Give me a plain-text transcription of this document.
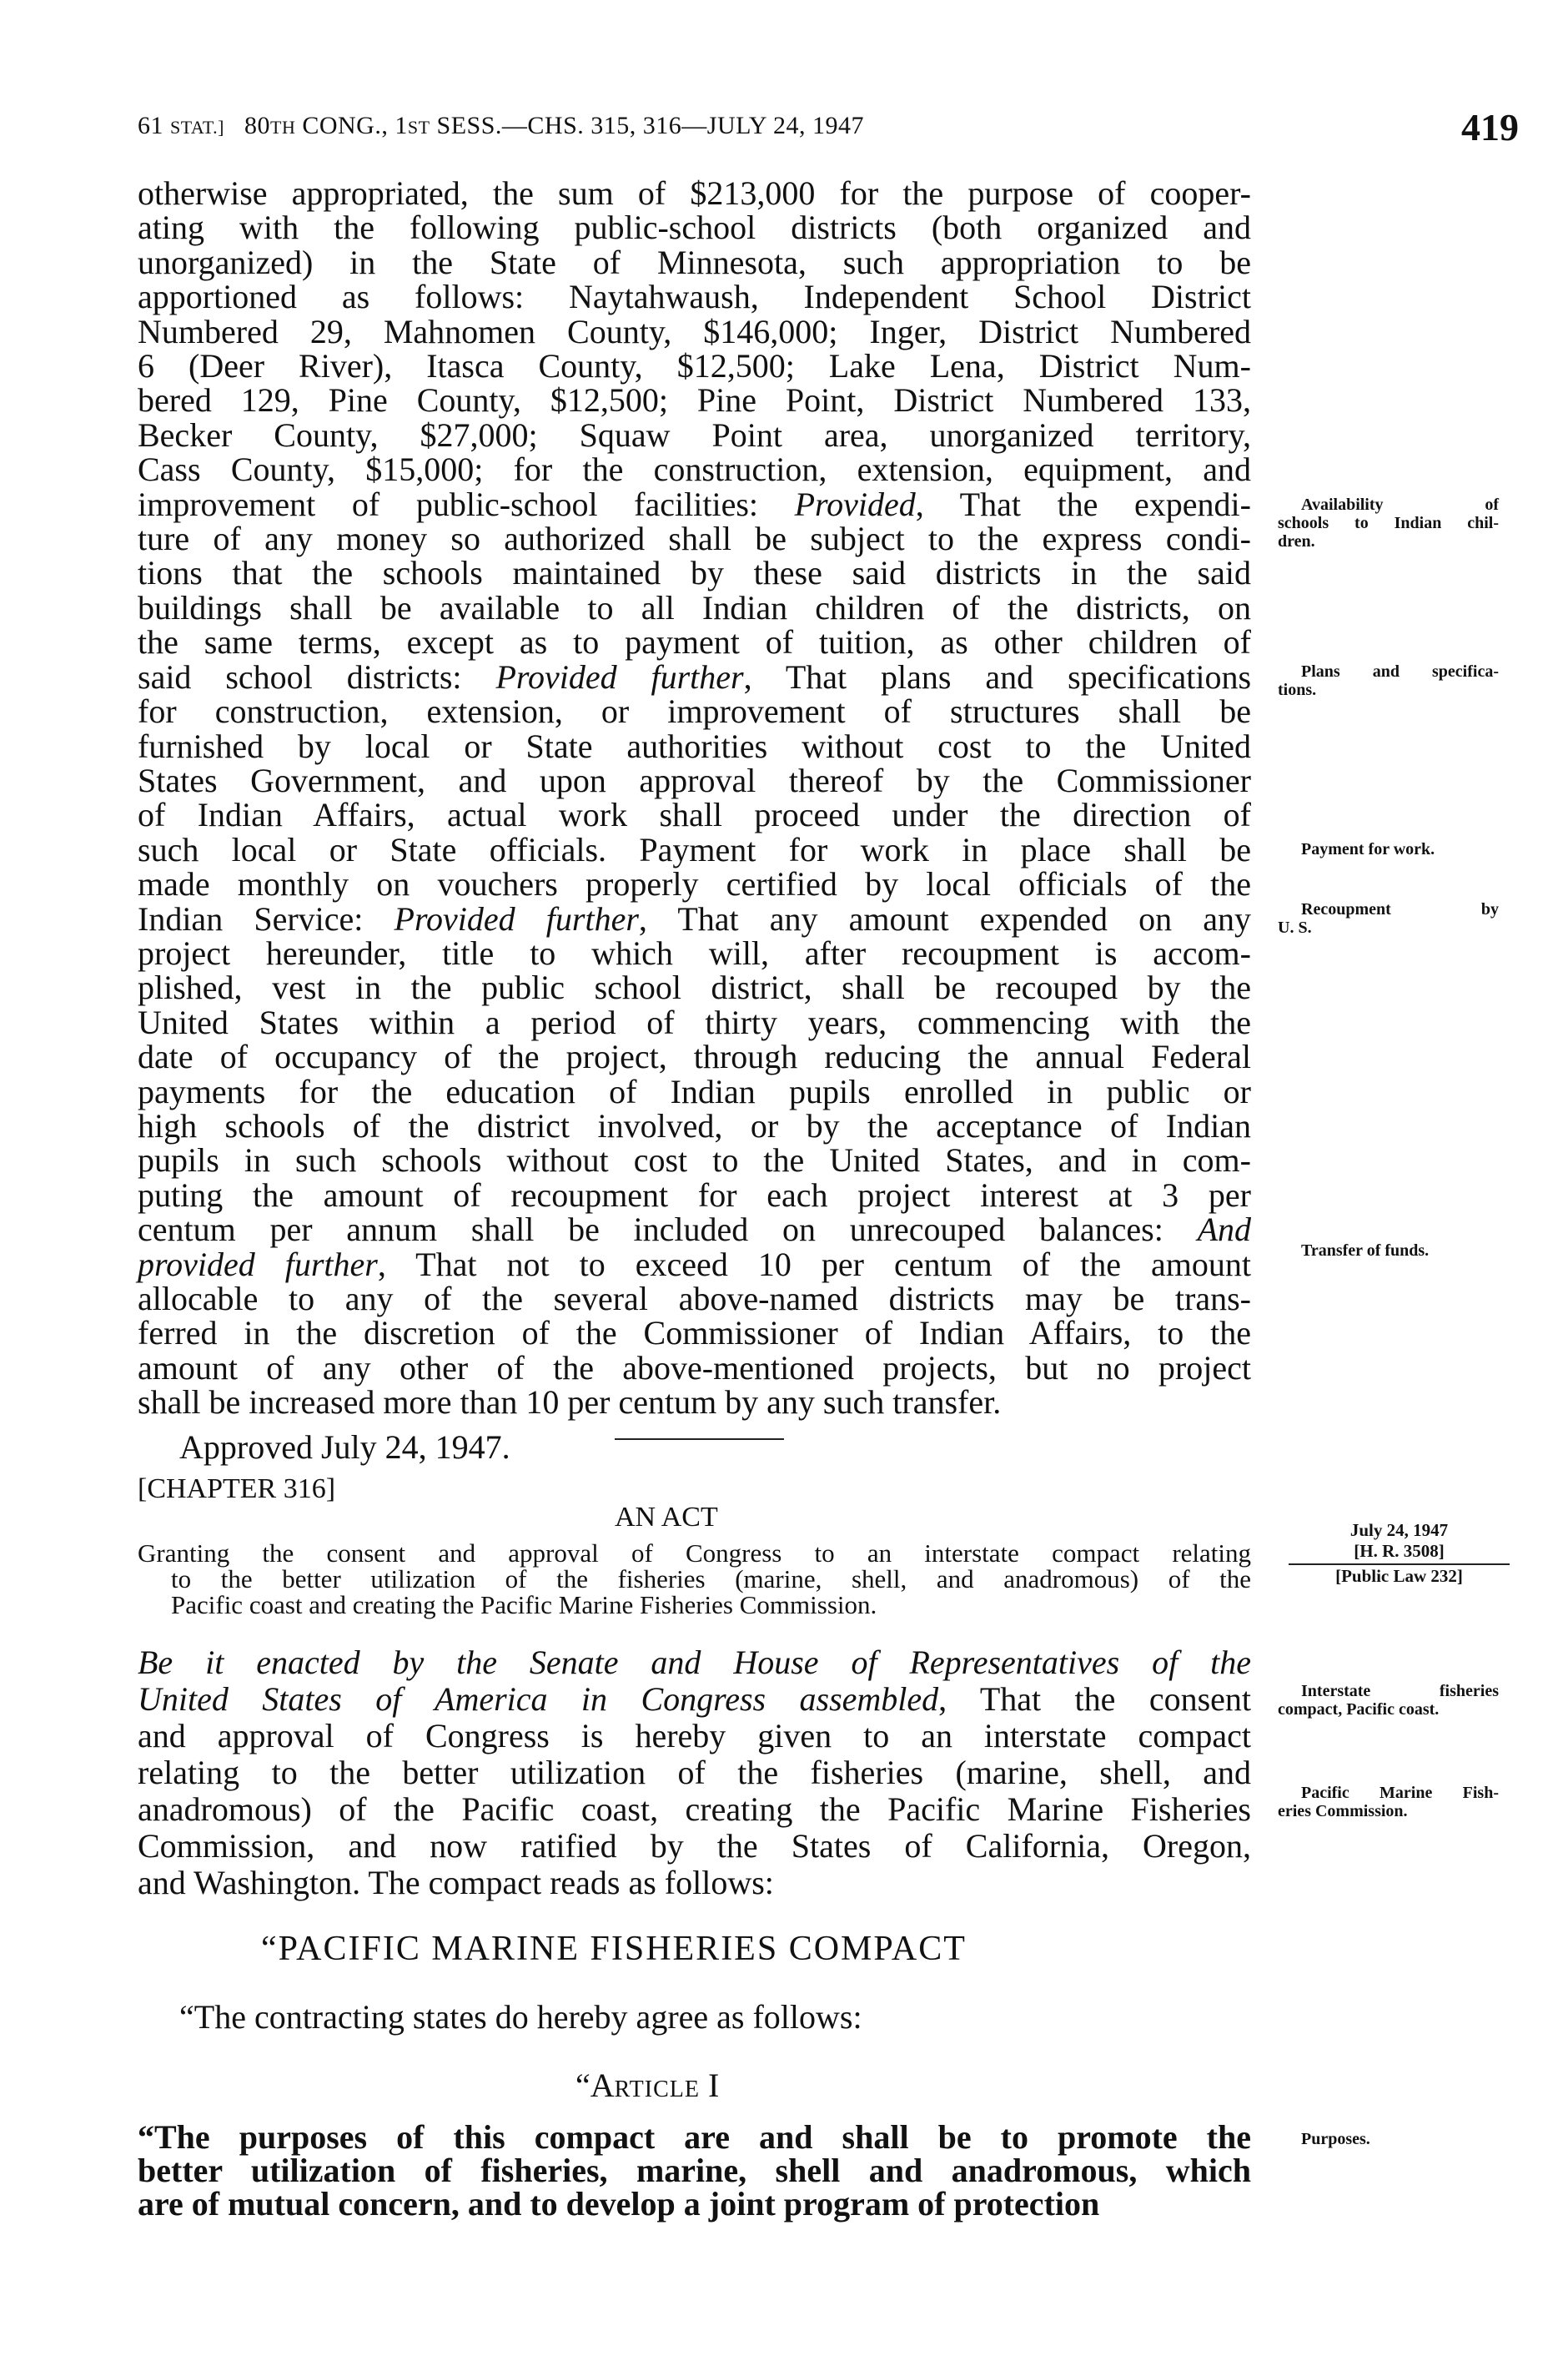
61 STAT.] 80TH CONG., 1ST SESS.—CHS. 315, 316—JULY 24, 1947	419
otherwise appropriated, the sum of $213,000 for the purpose of cooper-
ating with the following public-school districts (both organized and
unorganized) in the State of Minnesota, such appropriation to be
apportioned as follows: Naytahwaush, Independent School District
Numbered 29, Mahnomen County, $146,000; Inger, District Numbered
6 (Deer River), Itasca County, $12,500; Lake Lena, District Num-
bered 129, Pine County, $12,500; Pine Point, District Numbered 133,
Becker County, $27,000; Squaw Point area, unorganized territory,
Cass County, $15,000; for the construction, extension, equipment, and
improvement of public-school facilities: Provided, That the expendi-
ture of any money so authorized shall be subject to the express condi-
tions that the schools maintained by these said districts in the said
buildings shall be available to all Indian children of the districts, on
the same terms, except as to payment of tuition, as other children of
said school districts: Provided further, That plans and specifications
for construction, extension, or improvement of structures shall be
furnished by local or State authorities without cost to the United
States Government, and upon approval thereof by the Commissioner
of Indian Affairs, actual work shall proceed under the direction of
such local or State officials. Payment for work in place shall be
made monthly on vouchers properly certified by local officials of the
Indian Service: Provided further, That any amount expended on any
project hereunder, title to which will, after recoupment is accom-
plished, vest in the public school district, shall be recouped by the
United States within a period of thirty years, commencing with the
date of occupancy of the project, through reducing the annual Federal
payments for the education of Indian pupils enrolled in public or
high schools of the district involved, or by the acceptance of Indian
pupils in such schools without cost to the United States, and in com-
puting the amount of recoupment for each project interest at 3 per
centum per annum shall be included on unrecouped balances: And
provided further, That not to exceed 10 per centum of the amount
allocable to any of the several above-named districts may be trans-
ferred in the discretion of the Commissioner of Indian Affairs, to the
amount of any other of the above-mentioned projects, but no project
shall be increased more than 10 per centum by any such transfer.
Approved July 24, 1947.
[CHAPTER 316]
AN ACT
Granting the consent and approval of Congress to an interstate compact relating
to the better utilization of the fisheries (marine, shell, and anadromous) of the
Pacific coast and creating the Pacific Marine Fisheries Commission.
Be it enacted by the Senate and House of Representatives of the
United States of America in Congress assembled, That the consent
and approval of Congress is hereby given to an interstate compact
relating to the better utilization of the fisheries (marine, shell, and
anadromous) of the Pacific coast, creating the Pacific Marine Fisheries
Commission, and now ratified by the States of California, Oregon,
and Washington. The compact reads as follows:
“PACIFIC MARINE FISHERIES COMPACT
“The contracting states do hereby agree as follows:
“ARTICLE I
“The purposes of this compact are and shall be to promote the
better utilization of fisheries, marine, shell and anadromous, which
are of mutual concern, and to develop a joint program of protection
Availability of
schools to Indian chil-
dren.
Plans and specifica-
tions.
Payment for work.
Recoupment by
U. S.
Transfer of funds.
July 24, 1947
[H. R. 3508]
[Public Law 232]
Interstate fisheries
compact, Pacific coast.
Pacific Marine Fish-
eries Commission.
Purposes.
